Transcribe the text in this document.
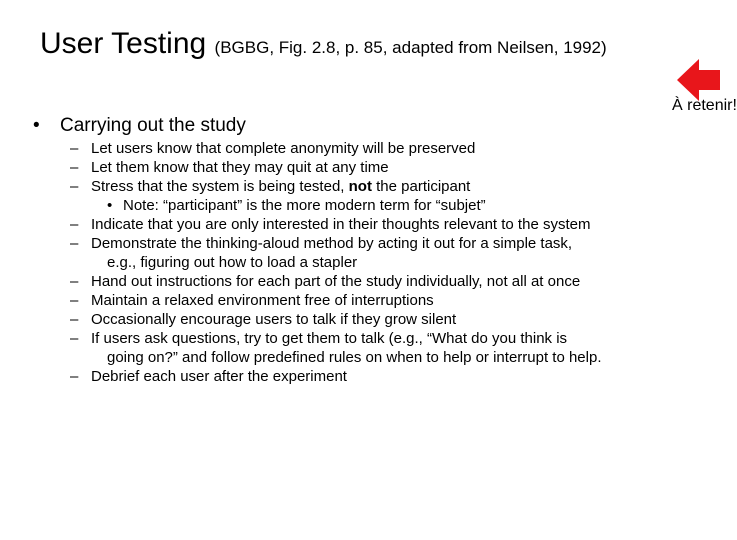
User Testing (BGBG, Fig. 2.8, p. 85, adapted from Neilsen, 1992)
À retenir!
• Carrying out the study
– Let users know that complete anonymity will be preserved
– Let them know that they may quit at any time
– Stress that the system is being tested, not the participant
• Note: “participant” is the more modern term for “subjet”
– Indicate that you are only interested in their thoughts relevant to the system
– Demonstrate the thinking-aloud method by acting it out for a simple task,
e.g., figuring out how to load a stapler
– Hand out instructions for each part of the study individually, not all at once
– Maintain a relaxed environment free of interruptions
– Occasionally encourage users to talk if they grow silent
– If users ask questions, try to get them to talk (e.g., “What do you think is
going on?” and follow predefined rules on when to help or interrupt to help.
– Debrief each user after the experiment
